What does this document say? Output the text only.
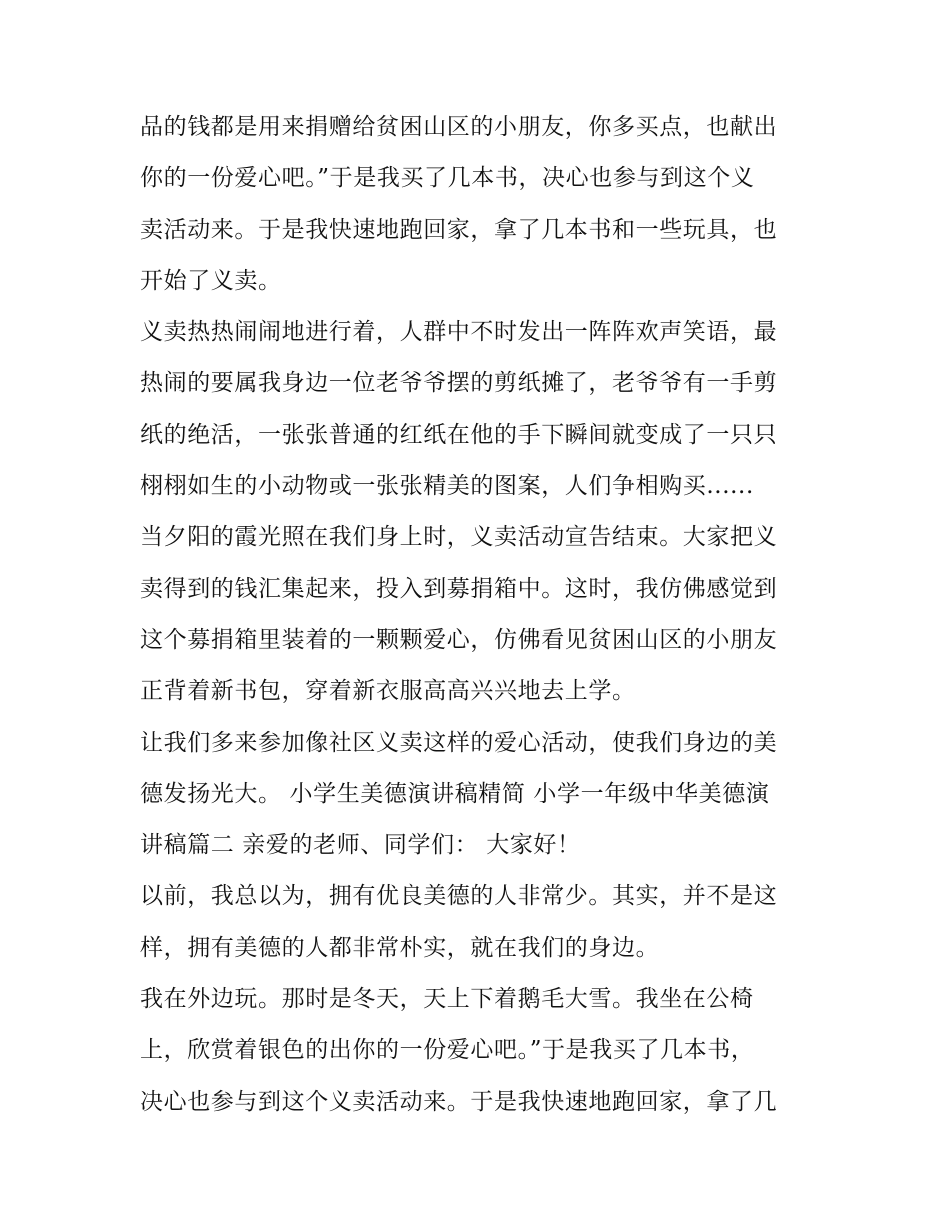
品的钱都是用来捐赠给贫困山区的小朋友，你多买点，也献出
你的一份爱心吧。”于是我买了几本书，决心也参与到这个义
卖活动来。于是我快速地跑回家，拿了几本书和一些玩具，也
开始了义卖。
义卖热热闹闹地进行着，人群中不时发出一阵阵欢声笑语，最
热闹的要属我身边一位老爷爷摆的剪纸摊了，老爷爷有一手剪
纸的绝活，一张张普通的红纸在他的手下瞬间就变成了一只只
栩栩如生的小动物或一张张精美的图案，人们争相购买......
当夕阳的霞光照在我们身上时，义卖活动宣告结束。大家把义
卖得到的钱汇集起来，投入到募捐箱中。这时，我仿佛感觉到
这个募捐箱里装着的一颗颗爱心，仿佛看见贫困山区的小朋友
正背着新书包，穿着新衣服高高兴兴地去上学。
让我们多来参加像社区义卖这样的爱心活动，使我们身边的美
德发扬光大。 小学生美德演讲稿精简 小学一年级中华美德演
讲稿篇二 亲爱的老师、同学们： 大家好！
以前，我总以为，拥有优良美德的人非常少。其实，并不是这
样，拥有美德的人都非常朴实，就在我们的身边。
我在外边玩。那时是冬天，天上下着鹅毛大雪。我坐在公椅
上，欣赏着银色的出你的一份爱心吧。”于是我买了几本书，
决心也参与到这个义卖活动来。于是我快速地跑回家，拿了几
